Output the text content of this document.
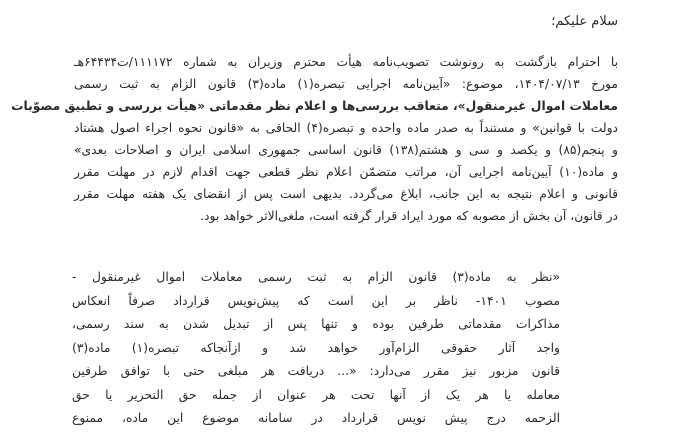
سلام علیکم؛
با احترام بازگشت به رونوشت تصویب‌نامه هیأت محترم وزیران به شماره ۱۱۱۱۷۲/ت۶۴۴۳۴هـ
مورخ ۱۴۰۴/۰۷/۱۳، موضوع: «آیین‌نامه اجرایی تبصره(۱) ماده(۳) قانون الزام به ثبت رسمی
معاملات اموال غیرمنقول»، متعاقب بررسی‌ها و اعلام نظر مقدماتی «هیأت بررسی و تطبیق مصوّبات
دولت با قوانین» و مستنداً به صدر ماده واحده و تبصره(۴) الحاقی به «قانون نحوه اجراء اصول هشتاد
و پنجم(۸۵) و یکصد و سی و هشتم(۱۳۸) قانون اساسی جمهوری اسلامی ایران و اصلاحات بعدی»
و ماده(۱۰) آیین‌نامه اجرایی آن، مراتب متضمّن اعلام نظر قطعی جهت اقدام لازم در مهلت مقرر
قانونی و اعلام نتیجه به این جانب، ابلاغ می‌گردد. بدیهی است پس از انقضای یک هفته مهلت مقرر
در قانون، آن بخش از مصوبه که مورد ایراد قرار گرفته است، ملغی‌الاثر خواهد بود.
«نظر به ماده(۳) قانون الزام به ثبت رسمی معاملات اموال غیرمنقول -
مصوب ۱۴۰۱- ناظر بر این است که پیش‌نویس قرارداد صرفاً انعکاس
مذاکرات مقدماتی طرفین بوده و تنها پس از تبدیل شدن به سند رسمی،
واجد آثار حقوقی الزام‌آور خواهد شد و ازآنجاکه تبصره(۱) ماده(۳)
قانون مزبور نیز مقرر می‌دارد: «... دریافت هر مبلغی حتی با توافق طرفین
معامله یا هر یک از آنها تحت هر عنوان از جمله حق التحریر یا حق
الزحمه درج پیش نویس قرارداد در سامانه موضوع این ماده، ممنوع
